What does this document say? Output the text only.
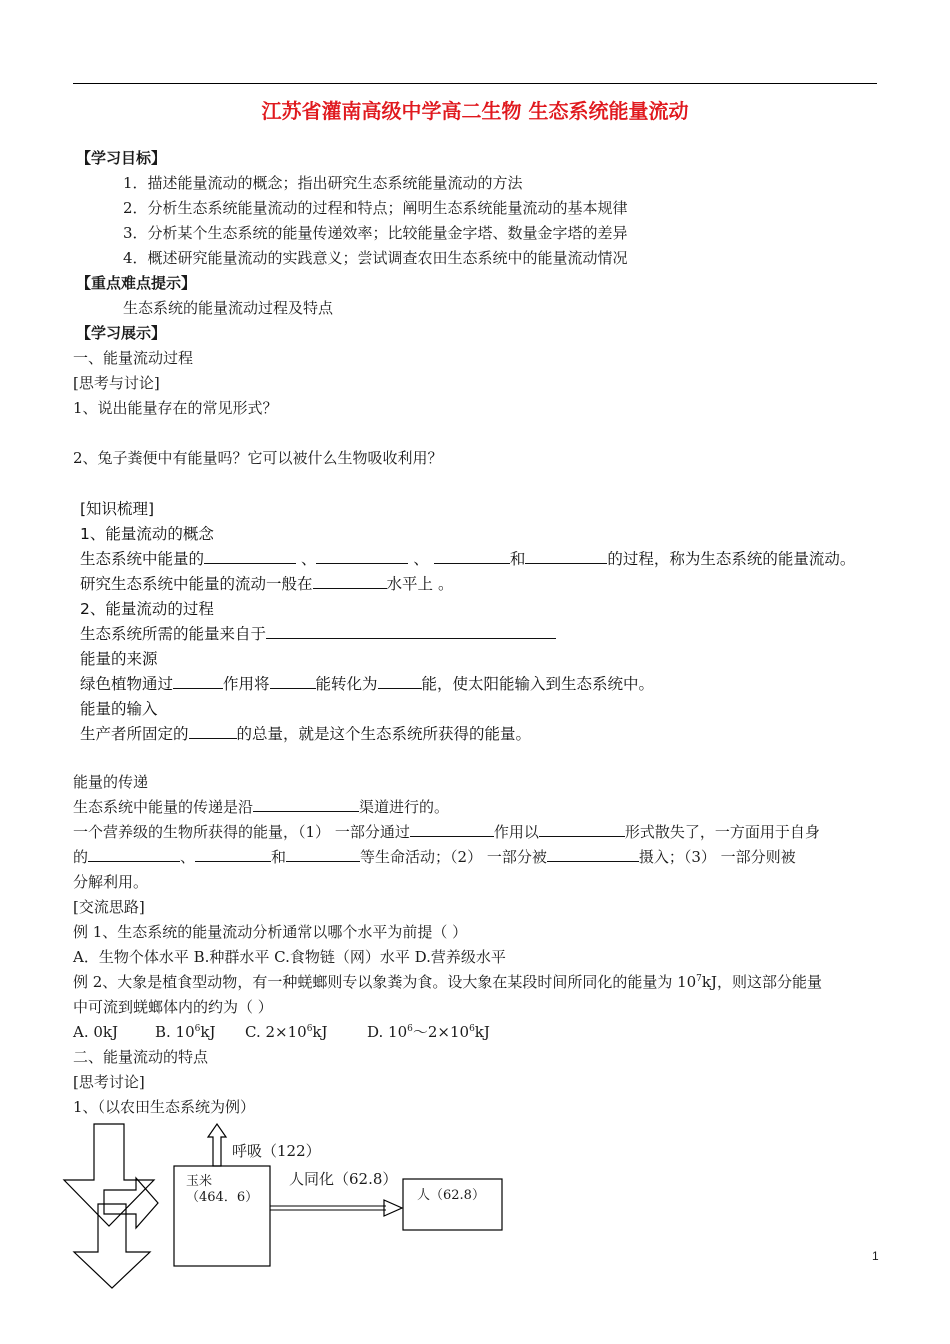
江苏省灌南高级中学高二生物 生态系统能量流动
【学习目标】
1．描述能量流动的概念；指出研究生态系统能量流动的方法
2．分析生态系统能量流动的过程和特点；阐明生态系统能量流动的基本规律
3．分析某个生态系统的能量传递效率；比较能量金字塔、数量金字塔的差异
4．概述研究能量流动的实践意义；尝试调查农田生态系统中的能量流动情况
【重点难点提示】
生态系统的能量流动过程及特点
【学习展示】
一、能量流动过程
[思考与讨论]
1、说出能量存在的常见形式？
2、兔子粪便中有能量吗？它可以被什么生物吸收利用？
[知识梳理]
1、能量流动的概念
生态系统中能量的	、	、	和	的过程，称为生态系统的能量流动。
研究生态系统中能量的流动一般在	水平上 。
2、能量流动的过程
生态系统所需的能量来自于
能量的来源
绿色植物通过	作用将	能转化为	能，使太阳能输入到生态系统中。
能量的输入
生产者所固定的	的总量，就是这个生态系统所获得的能量。
能量的传递
生态系统中能量的传递是沿	渠道进行的。
一个营养级的生物所获得的能量，（1） 一部分通过	作用以	形式散失了，一方面用于自身
的	、	和	等生命活动；（2） 一部分被	摄入；（3） 一部分则被
分解利用。
[交流思路]
例 1、生态系统的能量流动分析通常以哪个水平为前提（ ）
A．生物个体水平 B.种群水平 C.食物链（网）水平 D.营养级水平
例 2、大象是植食型动物，有一种蜣螂则专以象粪为食。设大象在某段时间所同化的能量为 $10^7kJ$，则这部分能量
中可流到蜣螂体内的约为（ ）
A. 0kJ B. $10^6kJ$ C. $2\times 10^6kJ$	D. $10^6\sim 2\times 10^6kJ$
二、能量流动的特点
[思考讨论]
1、（以农田生态系统为例）
呼吸（122）
玉米
（464．6）
人同化（62.8）
人（62.8）
1
